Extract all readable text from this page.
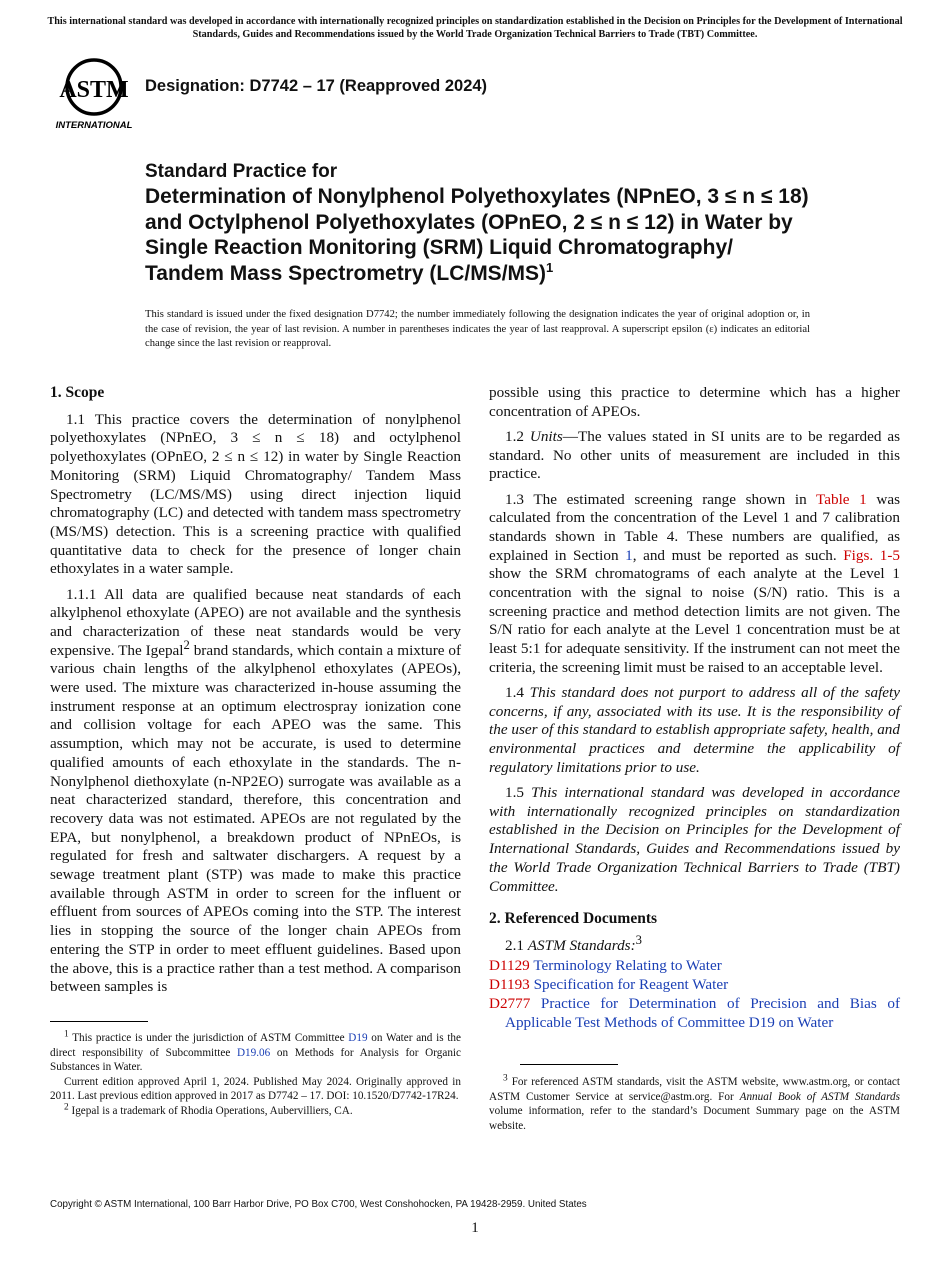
This international standard was developed in accordance with internationally recognized principles on standardization established in the Decision on Principles for the Development of International Standards, Guides and Recommendations issued by the World Trade Organization Technical Barriers to Trade (TBT) Committee.
ASTM
INTERNATIONAL
Designation: D7742 – 17 (Reapproved 2024)
Standard Practice for
Determination of Nonylphenol Polyethoxylates (NPnEO, 3 ≤ n ≤ 18) and Octylphenol Polyethoxylates (OPnEO, 2 ≤ n ≤ 12) in Water by Single Reaction Monitoring (SRM) Liquid Chromatography/ Tandem Mass Spectrometry $(LC/MS/MS)^1$
This standard is issued under the fixed designation D7742; the number immediately following the designation indicates the year of original adoption or, in the case of revision, the year of last revision. A number in parentheses indicates the year of last reapproval. A superscript epsilon (ε) indicates an editorial change since the last revision or reapproval.
1. Scope

1.1 This practice covers the determination of nonylphenol polyethoxylates (NPnEO, 3 ≤ n ≤ 18) and octylphenol polyethoxylates (OPnEO, 2 ≤ n ≤ 12) in water by Single Reaction Monitoring (SRM) Liquid Chromatography/ Tandem Mass Spectrometry (LC/MS/MS) using direct injection liquid chromatography (LC) and detected with tandem mass spectrometry (MS/MS) detection. This is a screening practice with qualified quantitative data to check for the presence of longer chain ethoxylates in a water sample.

1.1.1 All data are qualified because neat standards of each alkylphenol ethoxylate (APEO) are not available and the synthesis and characterization of these neat standards would be very expensive. The Igepal$^2$ brand standards, which contain a mixture of various chain lengths of the alkylphenol ethoxylates (APEOs), were used. The mixture was characterized in-house assuming the instrument response at an optimum electrospray ionization cone and collision voltage for each APEO was the same. This assumption, which may not be accurate, is used to determine qualified amounts of each ethoxylate in the standards. The n-Nonylphenol diethoxylate (n-NP2EO) surrogate was available as a neat characterized standard, therefore, this concentration and recovery data was not estimated. APEOs are not regulated by the EPA, but nonylphenol, a breakdown product of NPnEOs, is regulated for fresh and saltwater dischargers. A request by a sewage treatment plant (STP) was made to make this practice available through ASTM in order to screen for the influent or effluent from sources of APEOs coming into the STP. The interest lies in stopping the source of the longer chain APEOs from entering the STP in order to meet effluent guidelines. Based upon the above, this is a practice rather than a test method. A comparison between samples is

possible using this practice to determine which has a higher concentration of APEOs.

1.2 Units—The values stated in SI units are to be regarded as standard. No other units of measurement are included in this practice.

1.3 The estimated screening range shown in Table 1 was calculated from the concentration of the Level 1 and 7 calibration standards shown in Table 4. These numbers are qualified, as explained in Section 1, and must be reported as such. Figs. 1-5 show the SRM chromatograms of each analyte at the Level 1 concentration with the signal to noise (S/N) ratio. This is a screening practice and method detection limits are not given. The S/N ratio for each analyte at the Level 1 concentration must be at least 5:1 for adequate sensitivity. If the instrument can not meet the criteria, the screening limit must be raised to an acceptable level.

1.4 This standard does not purport to address all of the safety concerns, if any, associated with its use. It is the responsibility of the user of this standard to establish appropriate safety, health, and environmental practices and determine the applicability of regulatory limitations prior to use.

1.5 This international standard was developed in accordance with internationally recognized principles on standardization established in the Decision on Principles for the Development of International Standards, Guides and Recommendations issued by the World Trade Organization Technical Barriers to Trade (TBT) Committee.

2. Referenced Documents

2.1 ASTM Standards:$^3$

D1129 Terminology Relating to Water
D1193 Specification for Reagent Water
D2777 Practice for Determination of Precision and Bias of Applicable Test Methods of Committee D19 on Water

$^1$ This practice is under the jurisdiction of ASTM Committee D19 on Water and is the direct responsibility of Subcommittee D19.06 on Methods for Analysis for Organic Substances in Water.

Current edition approved April 1, 2024. Published May 2024. Originally approved in 2011. Last previous edition approved in 2017 as D7742 – 17. DOI: 10.1520/D7742-17R24.

$^2$ Igepal is a trademark of Rhodia Operations, Aubervilliers, CA.

$^3$ For referenced ASTM standards, visit the ASTM website, www.astm.org, or contact ASTM Customer Service at service@astm.org. For Annual Book of ASTM Standards volume information, refer to the standard’s Document Summary page on the ASTM website.

Copyright © ASTM International, 100 Barr Harbor Drive, PO Box C700, West Conshohocken, PA 19428-2959. United States
1
